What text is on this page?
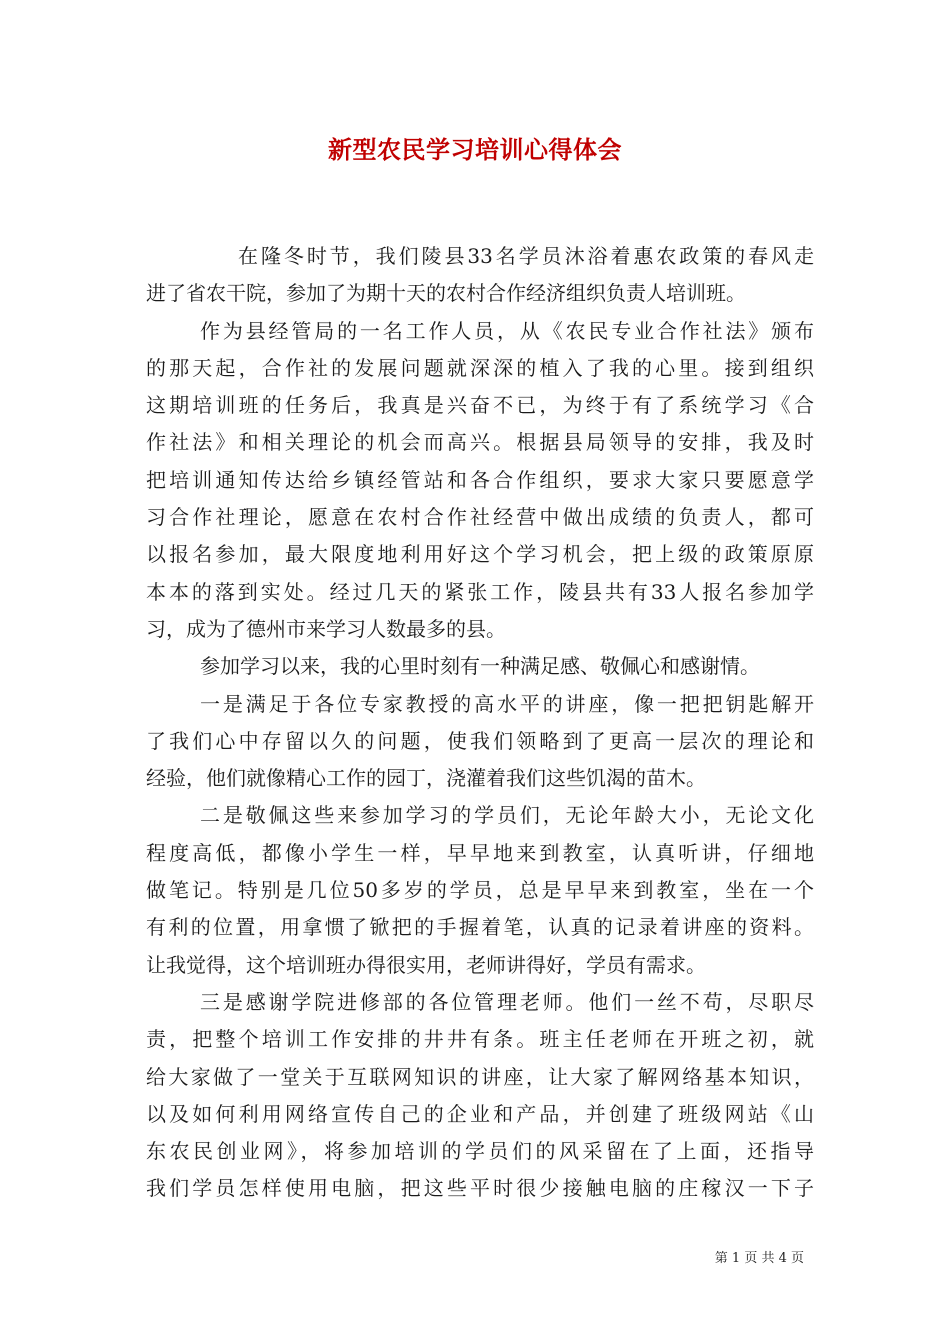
新型农民学习培训心得体会
在隆冬时节，我们陵县33名学员沐浴着惠农政策的春风走
进了省农干院，参加了为期十天的农村合作经济组织负责人培训班。
作为县经管局的一名工作人员，从《农民专业合作社法》颁布
的那天起，合作社的发展问题就深深的植入了我的心里。接到组织
这期培训班的任务后，我真是兴奋不已，为终于有了系统学习《合
作社法》和相关理论的机会而高兴。根据县局领导的安排，我及时
把培训通知传达给乡镇经管站和各合作组织，要求大家只要愿意学
习合作社理论，愿意在农村合作社经营中做出成绩的负责人，都可
以报名参加，最大限度地利用好这个学习机会，把上级的政策原原
本本的落到实处。经过几天的紧张工作，陵县共有33人报名参加学
习，成为了德州市来学习人数最多的县。
参加学习以来，我的心里时刻有一种满足感、敬佩心和感谢情。
一是满足于各位专家教授的高水平的讲座，像一把把钥匙解开
了我们心中存留以久的问题，使我们领略到了更高一层次的理论和
经验，他们就像精心工作的园丁，浇灌着我们这些饥渴的苗木。
二是敬佩这些来参加学习的学员们，无论年龄大小，无论文化
程度高低，都像小学生一样，早早地来到教室，认真听讲，仔细地
做笔记。特别是几位50多岁的学员，总是早早来到教室，坐在一个
有利的位置，用拿惯了锨把的手握着笔，认真的记录着讲座的资料。
让我觉得，这个培训班办得很实用，老师讲得好，学员有需求。
三是感谢学院进修部的各位管理老师。他们一丝不苟，尽职尽
责，把整个培训工作安排的井井有条。班主任老师在开班之初，就
给大家做了一堂关于互联网知识的讲座，让大家了解网络基本知识，
以及如何利用网络宣传自己的企业和产品，并创建了班级网站《山
东农民创业网》，将参加培训的学员们的风采留在了上面，还指导
我们学员怎样使用电脑，把这些平时很少接触电脑的庄稼汉一下子
第 1 页 共 4 页
